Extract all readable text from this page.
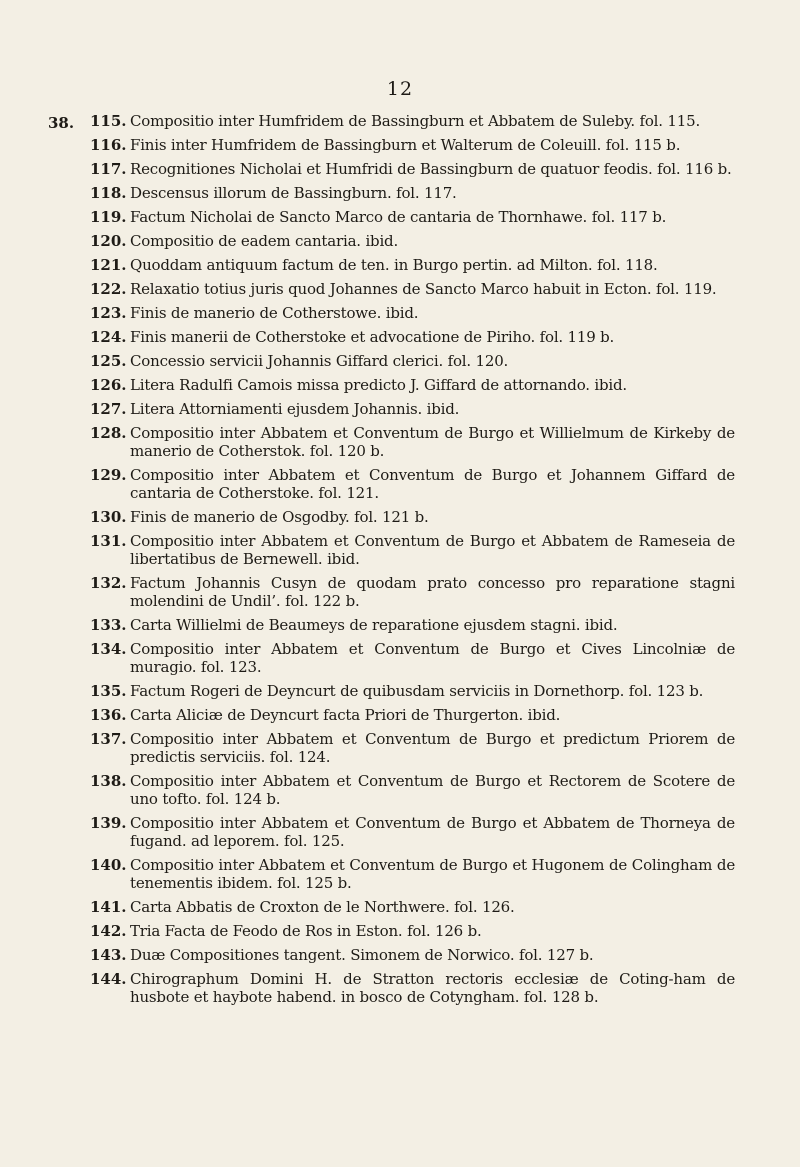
12
38. 115. Compositio inter Humfridem de Bassingburn et Abbatem de Suleby. fol. 115.
116. Finis inter Humfridem de Bassingburn et Walterum de Coleuill. fol. 115 b.
117. Recognitiones Nicholai et Humfridi de Bassingburn de quatuor feodis. fol. 116 b.
118. Descensus illorum de Bassingburn. fol. 117.
119. Factum Nicholai de Sancto Marco de cantaria de Thornhawe. fol. 117 b.
120. Compositio de eadem cantaria. ibid.
121. Quoddam antiquum factum de ten. in Burgo pertin. ad Milton. fol. 118.
122. Relaxatio totius juris quod Johannes de Sancto Marco habuit in Ecton. fol. 119.
123. Finis de manerio de Cotherstowe. ibid.
124. Finis manerii de Cotherstoke et advocatione de Piriho. fol. 119 b.
125. Concessio servicii Johannis Giffard clerici. fol. 120.
126. Litera Radulfi Camois missa predicto J. Giffard de attornando. ibid.
127. Litera Attorniamenti ejusdem Johannis. ibid.
128. Compositio inter Abbatem et Conventum de Burgo et Willielmum de Kirkeby de manerio de Cotherstok. fol. 120 b.
129. Compositio inter Abbatem et Conventum de Burgo et Johannem Giffard de cantaria de Cotherstoke. fol. 121.
130. Finis de manerio de Osgodby. fol. 121 b.
131. Compositio inter Abbatem et Conventum de Burgo et Abbatem de Rameseia de libertatibus de Bernewell. ibid.
132. Factum Johannis Cusyn de quodam prato concesso pro reparatione stagni molendini de Undil’. fol. 122 b.
133. Carta Willielmi de Beaumeys de reparatione ejusdem stagni. ibid.
134. Compositio inter Abbatem et Conventum de Burgo et Cives Lincolniæ de muragio. fol. 123.
135. Factum Rogeri de Deyncurt de quibusdam serviciis in Dornethorp. fol. 123 b.
136. Carta Aliciæ de Deyncurt facta Priori de Thurgerton. ibid.
137. Compositio inter Abbatem et Conventum de Burgo et predictum Priorem de predictis serviciis. fol. 124.
138. Compositio inter Abbatem et Conventum de Burgo et Rectorem de Scotere de uno tofto. fol. 124 b.
139. Compositio inter Abbatem et Conventum de Burgo et Abbatem de Thorneya de fugand. ad leporem. fol. 125.
140. Compositio inter Abbatem et Conventum de Burgo et Hugonem de Colingham de tenementis ibidem. fol. 125 b.
141. Carta Abbatis de Croxton de le Northwere. fol. 126.
142. Tria Facta de Feodo de Ros in Eston. fol. 126 b.
143. Duæ Compositiones tangent. Simonem de Norwico. fol. 127 b.
144. Chirographum Domini H. de Stratton rectoris ecclesiæ de Coting-ham de husbote et haybote habend. in bosco de Cotyngham. fol. 128 b.
